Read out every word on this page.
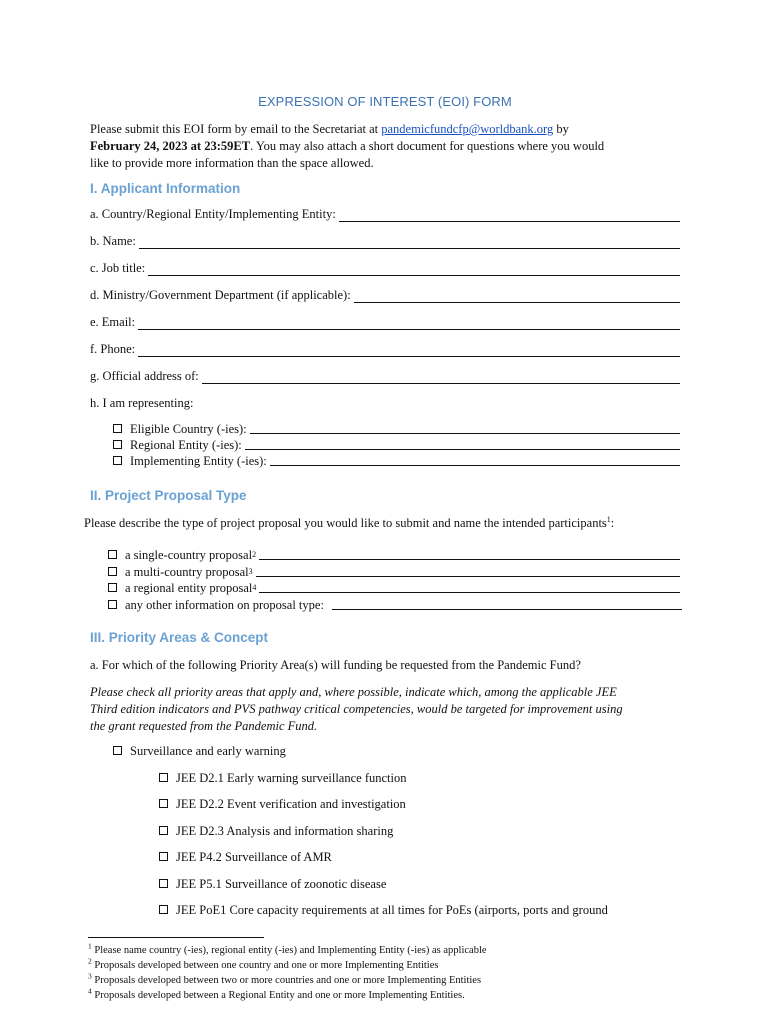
EXPRESSION OF INTEREST (EOI) FORM
Please submit this EOI form by email to the Secretariat at pandemicfundcfp@worldbank.org by
February 24, 2023 at 23:59ET. You may also attach a short document for questions where you would
like to provide more information than the space allowed.
I. Applicant Information
a. Country/Regional Entity/Implementing Entity:
b. Name:
c. Job title:
d. Ministry/Government Department (if applicable):
e. Email:
f. Phone:
g. Official address of:
h. I am representing:
Eligible Country (-ies):
Regional Entity (-ies):
Implementing Entity (-ies):
II. Project Proposal Type
Please describe the type of project proposal you would like to submit and name the intended participants$^1$:
a single-country proposal 2
a multi-country proposal 3
a regional entity proposal 4
any other information on proposal type:
III. Priority Areas & Concept
a. For which of the following Priority Area(s) will funding be requested from the Pandemic Fund?
Please check all priority areas that apply and, where possible, indicate which, among the applicable JEE
Third edition indicators and PVS pathway critical competencies, would be targeted for improvement using
the grant requested from the Pandemic Fund.
Surveillance and early warning
JEE D2.1 Early warning surveillance function
JEE D2.2 Event verification and investigation
JEE D2.3 Analysis and information sharing
JEE P4.2 Surveillance of AMR
JEE P5.1 Surveillance of zoonotic disease
JEE PoE1 Core capacity requirements at all times for PoEs (airports, ports and ground
$^1$ Please name country (-ies), regional entity (-ies) and Implementing Entity (-ies) as applicable
$^2$ Proposals developed between one country and one or more Implementing Entities
$^3$ Proposals developed between two or more countries and one or more Implementing Entities
$^4$ Proposals developed between a Regional Entity and one or more Implementing Entities.
